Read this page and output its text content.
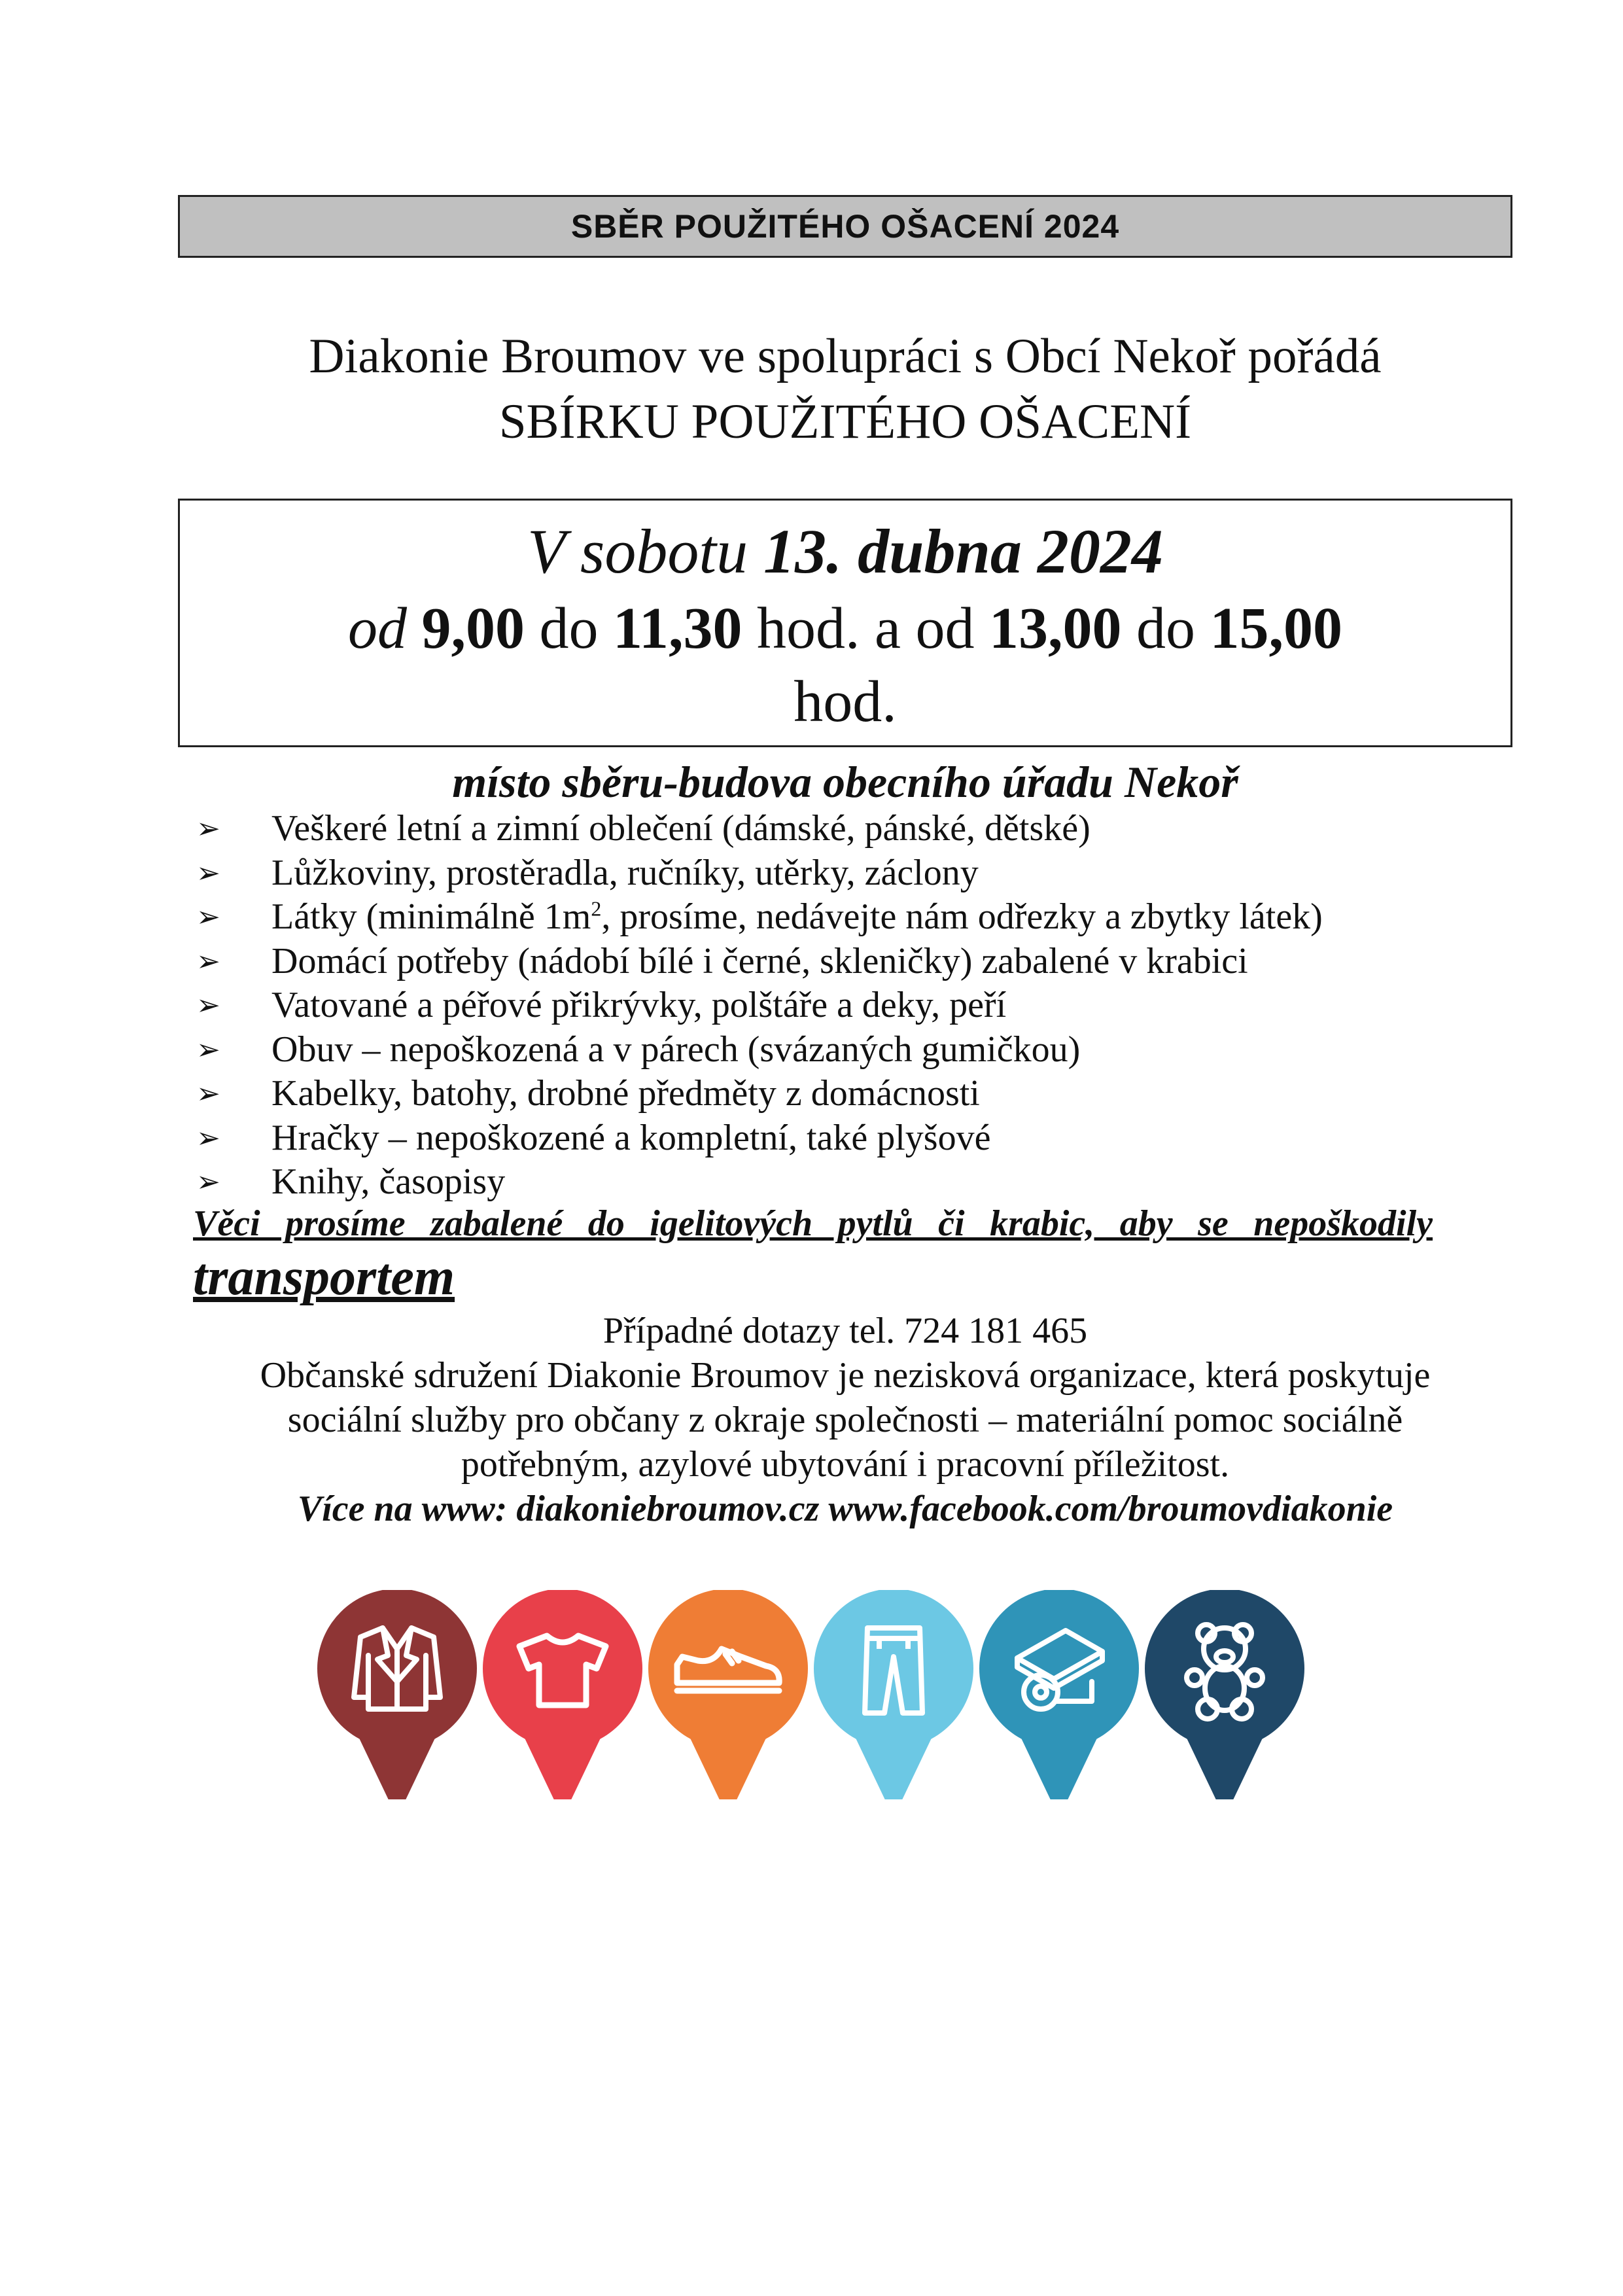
SBĚR POUŽITÉHO OŠACENÍ 2024
Diakonie Broumov ve spolupráci s Obcí Nekoř pořádá
SBÍRKU POUŽITÉHO OŠACENÍ
V sobotu 13. dubna 2024
od 9,00 do 11,30 hod. a od 13,00 do 15,00
hod.
místo sběru-budova obecního úřadu Nekoř
➢ Veškeré letní a zimní oblečení (dámské, pánské, dětské)
➢ Lůžkoviny, prostěradla, ručníky, utěrky, záclony
➢ Látky (minimálně $1m^2$, prosíme, nedávejte nám odřezky a zbytky látek)
➢ Domácí potřeby (nádobí bílé i černé, skleničky) zabalené v krabici
➢ Vatované a péřové přikrývky, polštáře a deky, peří
➢ Obuv – nepoškozená a v párech (svázaných gumičkou)
➢ Kabelky, batohy, drobné předměty z domácnosti
➢ Hračky – nepoškozené a kompletní, také plyšové
➢ Knihy, časopisy
Věci prosíme zabalené do igelitových pytlů či krabic, aby se nepoškodily
transportem
Případné dotazy tel. 724 181 465
Občanské sdružení Diakonie Broumov je nezisková organizace, která poskytuje
sociální služby pro občany z okraje společnosti – materiální pomoc sociálně
potřebným, azylové ubytování i pracovní příležitost.
Více na www: diakoniebroumov.cz www.facebook.com/broumovdiakonie
